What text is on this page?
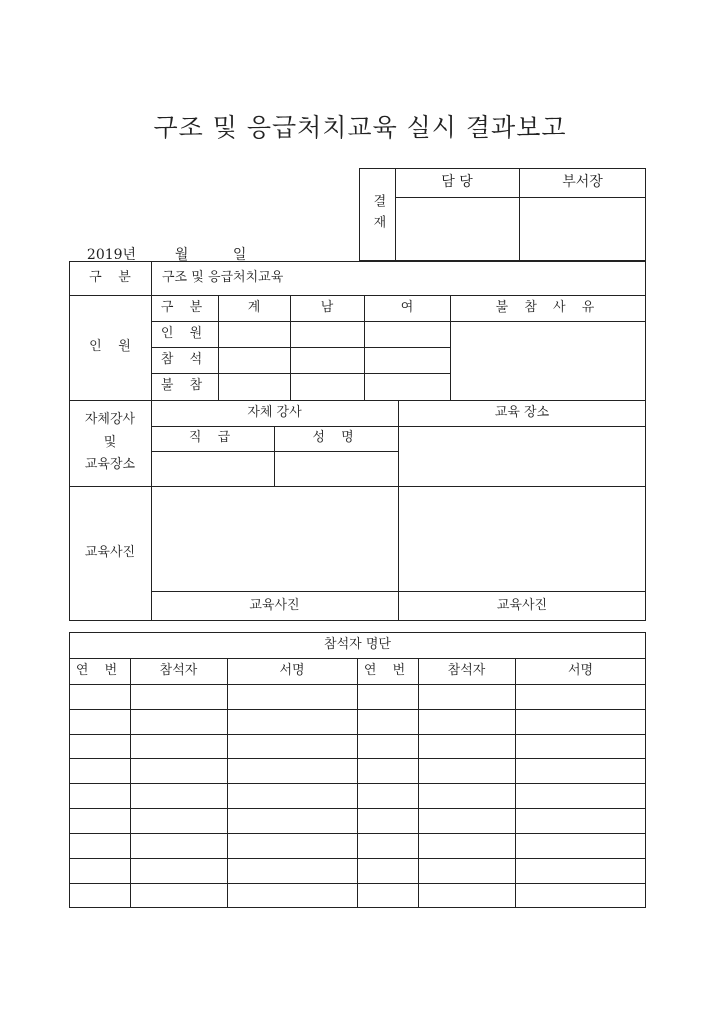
구조 및 응급처치교육 실시 결과보고

2019년	월	일

결재
담 당	부서장
구    분	구조 및 응급처치교육
인    원
구 분	계	남	여	불 참 사 유
인 원
참 석
불 참
자체강사
및
교육장소
자체 강사	교육 장소
직 급	성 명
교육사진
교육사진	교육사진
참석자 명단
연 번	참석자	서명	연 번	참석자	서명
